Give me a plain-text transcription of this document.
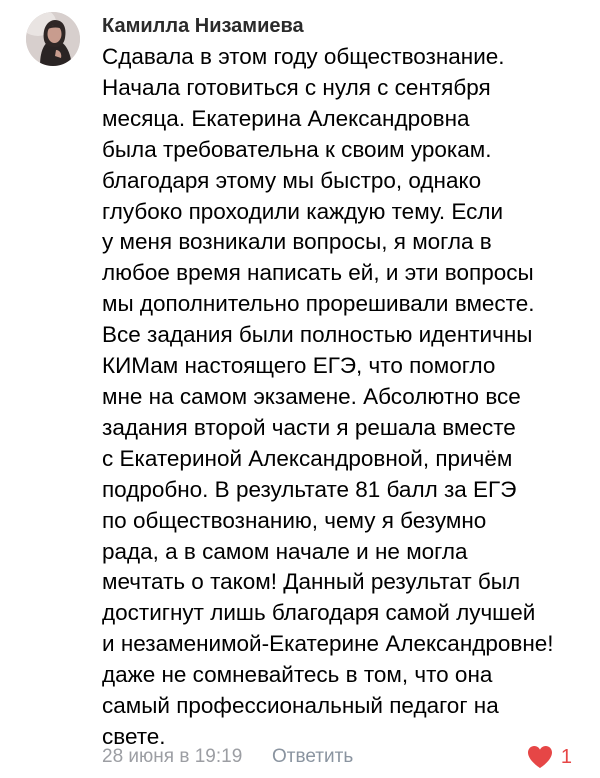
Камилла Низамиева
Сдавала в этом году обществознание.
Начала готовиться с нуля с сентября
месяца. Екатерина Александровна
была требовательна к своим урокам.
благодаря этому мы быстро, однако
глубоко проходили каждую тему. Если
у меня возникали вопросы, я могла в
любое время написать ей, и эти вопросы
мы дополнительно прорешивали вместе.
Все задания были полностью идентичны
КИМам настоящего ЕГЭ, что помогло
мне на самом экзамене. Абсолютно все
задания второй части я решала вместе
с Екатериной Александровной, причём
подробно. В результате 81 балл за ЕГЭ
по обществознанию, чему я безумно
рада, а в самом начале и не могла
мечтать о таком! Данный результат был
достигнут лишь благодаря самой лучшей
и незаменимой-Екатерине Александровне!
даже не сомневайтесь в том, что она
самый профессиональный педагог на
свете.
28 июня в 19:19 Ответить	1
